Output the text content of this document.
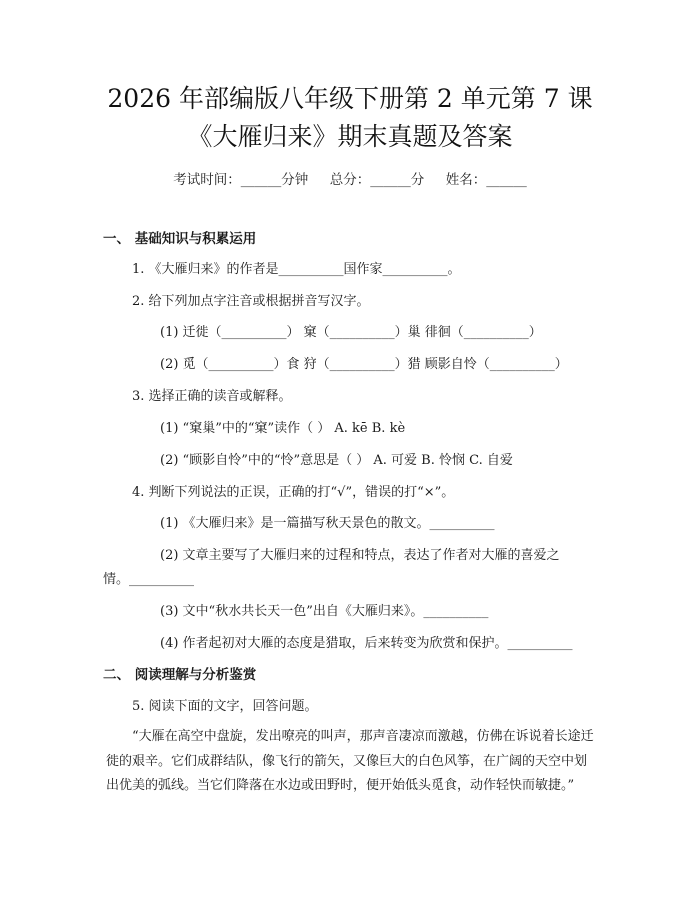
2026 年部编版八年级下册第 2 单元第 7 课
《大雁归来》期末真题及答案
考试时间：______分钟     总分：______分     姓名：______
一、 基础知识与积累运用
1. 《大雁归来》的作者是__________国作家__________。
2. 给下列加点字注音或根据拼音写汉字。
(1) 迁徙（__________） 窠（__________）巢 徘徊（__________）
(2) 觅（__________）食 狩（__________）猎 顾影自怜（__________）
3. 选择正确的读音或解释。
(1) “窠巢”中的“窠”读作（ ） A. kē B. kè
(2) “顾影自怜”中的“怜”意思是（ ） A. 可爱 B. 怜悯 C. 自爱
4. 判断下列说法的正误，正确的打“√”，错误的打“×”。
(1) 《大雁归来》是一篇描写秋天景色的散文。__________
(2) 文章主要写了大雁归来的过程和特点，表达了作者对大雁的喜爱之
情。__________
(3) 文中“秋水共长天一色”出自《大雁归来》。__________
(4) 作者起初对大雁的态度是猎取，后来转变为欣赏和保护。__________
二、 阅读理解与分析鉴赏
5. 阅读下面的文字，回答问题。
“大雁在高空中盘旋，发出嘹亮的叫声，那声音凄凉而激越，仿佛在诉说着长途迁徙的艰辛。它们成群结队，像飞行的箭矢，又像巨大的白色风筝，在广阔的天空中划出优美的弧线。当它们降落在水边或田野时，便开始低头觅食，动作轻快而敏捷。”
